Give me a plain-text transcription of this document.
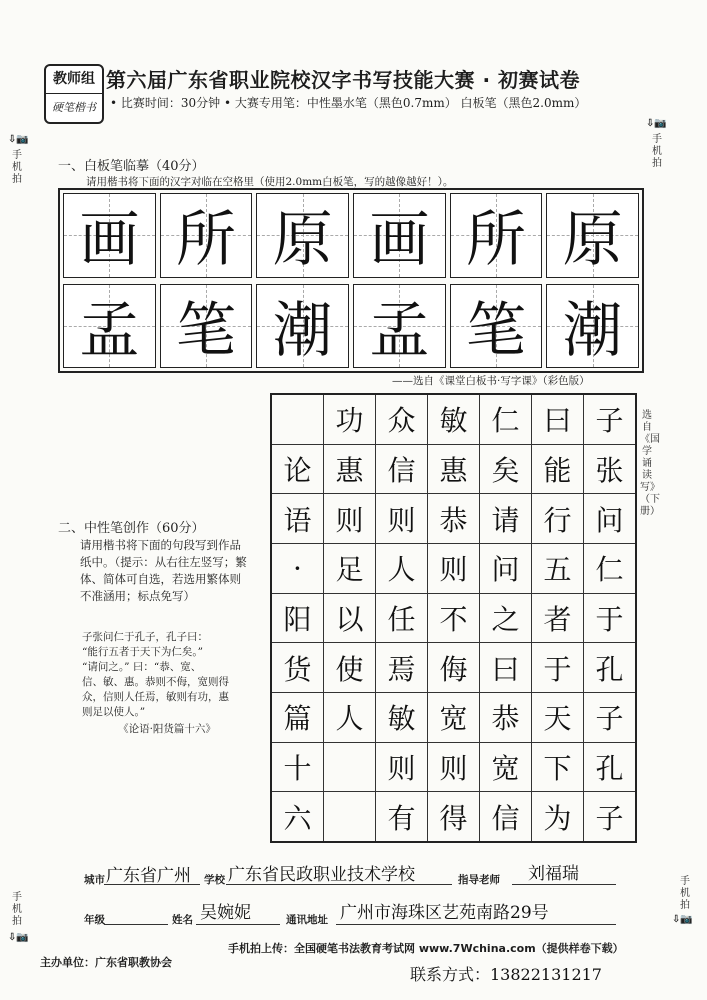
教师组
硬笔楷书
第六届广东省职业院校汉字书写技能大赛 · 初赛试卷
• 比赛时间：30分钟 • 大赛专用笔：中性墨水笔（黑色0.7mm） 白板笔（黑色2.0mm）
⇩📷
手机拍
⇩📷
手机拍
手机拍
⇩📷
手机拍
⇩📷
一、白板笔临摹（40分）
请用楷书将下面的汉字对临在空格里（使用2.0mm白板笔，写的越像越好！）。
画 所 原 画 所 原
孟 笔 潮 孟 笔 潮
——选自《课堂白板书·写字课》（彩色版）
二、中性笔创作（60分）
请用楷书将下面的句段写到作品纸中。（提示：从右往左竖写；繁体、简体可自选，若选用繁体则不准涵用；标点免写）

子张问仁于孔子，孔子曰：

“能行五者于天下为仁矣。”

“请问之。” 曰：“恭、宽、

信、敏、惠。恭则不侮，宽则得

众，信则人任焉，敏则有功，惠

则足以使人。”

《论语·阳货篇十六》

	功	众	敏	仁	曰	子
论	惠	信	惠	矣	能	张
语	则	则	恭	请	行	问
·	足	人	则	问	五	仁
阳	以	任	不	之	者	于
货	使	焉	侮	曰	于	孔
篇	人	敏	宽	恭	天	子
十		则	则	宽	下	孔
六		有	得	信	为	子
选自《国学诵读写》（下册）
城市 广东省广州 学校 广东省民政职业技术学校	指导老师 刘福瑞
年级	姓名 吴婉妮	通讯地址 广州市海珠区艺苑南路29号
主办单位：广东省职教协会
手机拍上传：全国硬笔书法教育考试网 www.7Wchina.com（提供样卷下载）
联系方式：13822131217
